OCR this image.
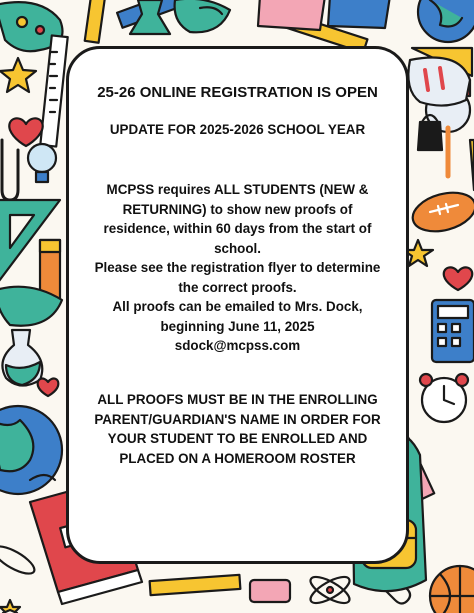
25-26 ONLINE REGISTRATION IS OPEN

UPDATE FOR 2025-2026 SCHOOL YEAR

MCPSS requires ALL STUDENTS (NEW & RETURNING) to show new proofs of residence, within 60 days from the start of school.

Please see the registration flyer to determine the correct proofs.

All proofs can be emailed to Mrs. Dock, beginning June 11, 2025

sdock@mcpss.com

ALL PROOFS MUST BE IN THE ENROLLING PARENT/GUARDIAN'S NAME IN ORDER FOR YOUR STUDENT TO BE ENROLLED AND PLACED ON A HOMEROOM ROSTER
